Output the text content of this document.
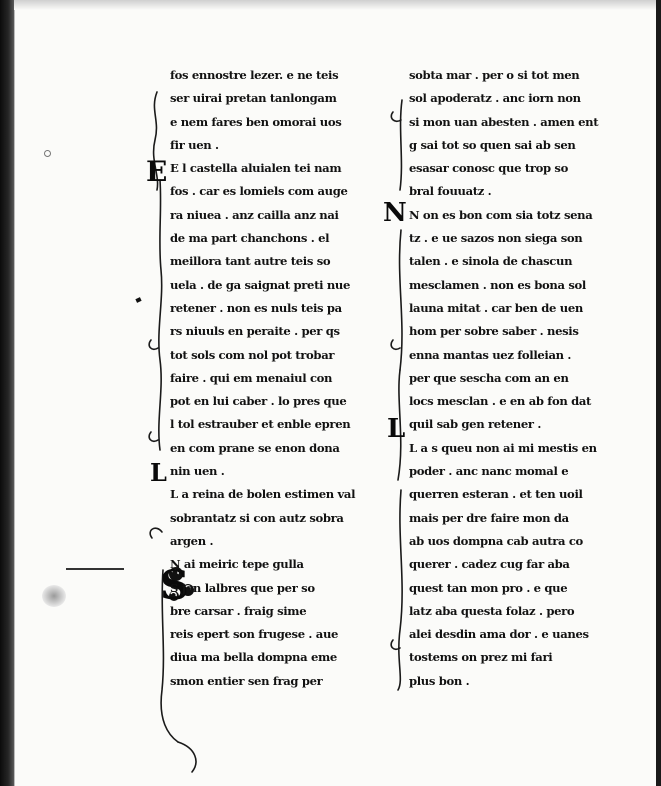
E
L
S
N
L
fos ennostre lezer. e ne teis
ser uirai pretan tanlongam
e nem fares ben omorai uos
fir uen .
E l castella aluialen tei nam
fos . car es lomiels com auge
ra niuea . anz cailla anz nai
de ma part chanchons . el
meillora tant autre teis so
uela . de ga saignat preti nue
retener . non es nuls teis pa
rs niuuls en peraite . per qs
tot sols com nol pot trobar
faire . qui em menaiul con
pot en lui caber . lo pres que
l tol estrauber et enble epren
en com prane se enon dona
nin uen .
L a reina de bolen estimen val
sobrantatz si con autz sobra
argen .
N ai meiric tepe gulla
S jon lalbres que per so
bre carsar . fraig sime
reis epert son frugese . aue
diua ma bella dompna eme
smon entier sen frag per
sobta mar . per o si tot men
sol apoderatz . anc iorn non
si mon uan abesten . amen ent
g sai tot so quen sai ab sen
esasar conosc que trop so
bral fouuatz .
N on es bon com sia totz sena
tz . e ue sazos non siega son
talen . e sinola de chascun
mesclamen . non es bona sol
launa mitat . car ben de uen
hom per sobre saber . nesis
enna mantas uez folleian .
per que sescha com an en
locs mesclan . e en ab fon dat
quil sab gen retener .
L a s queu non ai mi mestis en
poder . anc nanc momal e
querren esteran . et ten uoil
mais per dre faire mon da
ab uos dompna cab autra co
querer . cadez cug far aba
quest tan mon pro . e que
latz aba questa folaz . pero
alei desdin ama dor . e uanes
tostems on prez mi fari
plus bon .
